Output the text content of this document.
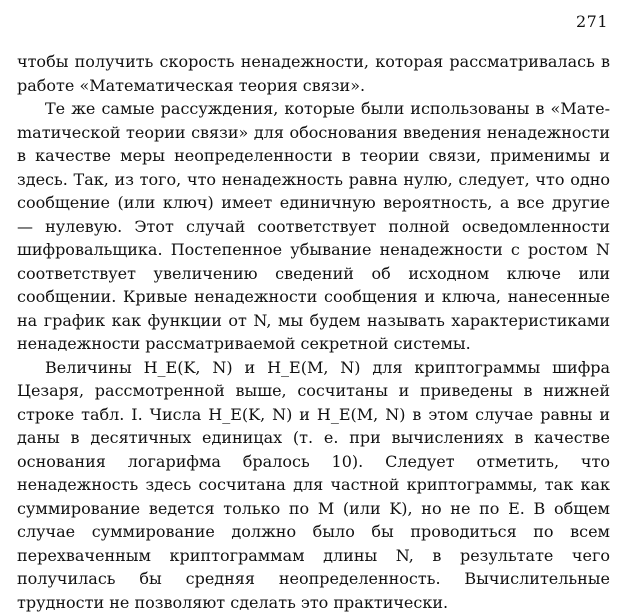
271

чтобы получить скорость ненадежности, которая рассматривалась в работе «Математическая теория связи».

Те же самые рассуждения, которые были использованы в «Матеmатической теории связи» для обоснования введения ненадежности в качестве меры неопределенности в теории связи, применимы и здесь. Так, из того, что ненадежность равна нулю, следует, что одно сообщение (или ключ) имеет единичную вероятность, а все другие — нулевую. Этот случай соответствует полной осведомленности шифровальщика. Постепенное убывание ненадежности с ростом N соответствует увеличению сведений об исходном ключе или сообщении. Кривые ненадежности сообщения и ключа, нанесенные на график как функции от N, мы будем называть характеристиками ненадежности рассматриваемой секретной системы.

Величины H_E(K, N) и H_E(M, N) для криптограммы шифра Цезаря, рассмотренной выше, сосчитаны и приведены в нижней строке табл. I. Числа H_E(K, N) и H_E(M, N) в этом случае равны и даны в десятичных единицах (т. е. при вычислениях в качестве основания логарифма бралось 10). Следует отметить, что ненадежность здесь сосчитана для частной криптограммы, так как суммирование ведется только по M (или K), но не по E. В общем случае суммирование должно было бы проводиться по всем перехваченным криптограммам длины N, в результате чего получилась бы средняя неопределенность. Вычислительные трудности не позволяют сделать это практически.
